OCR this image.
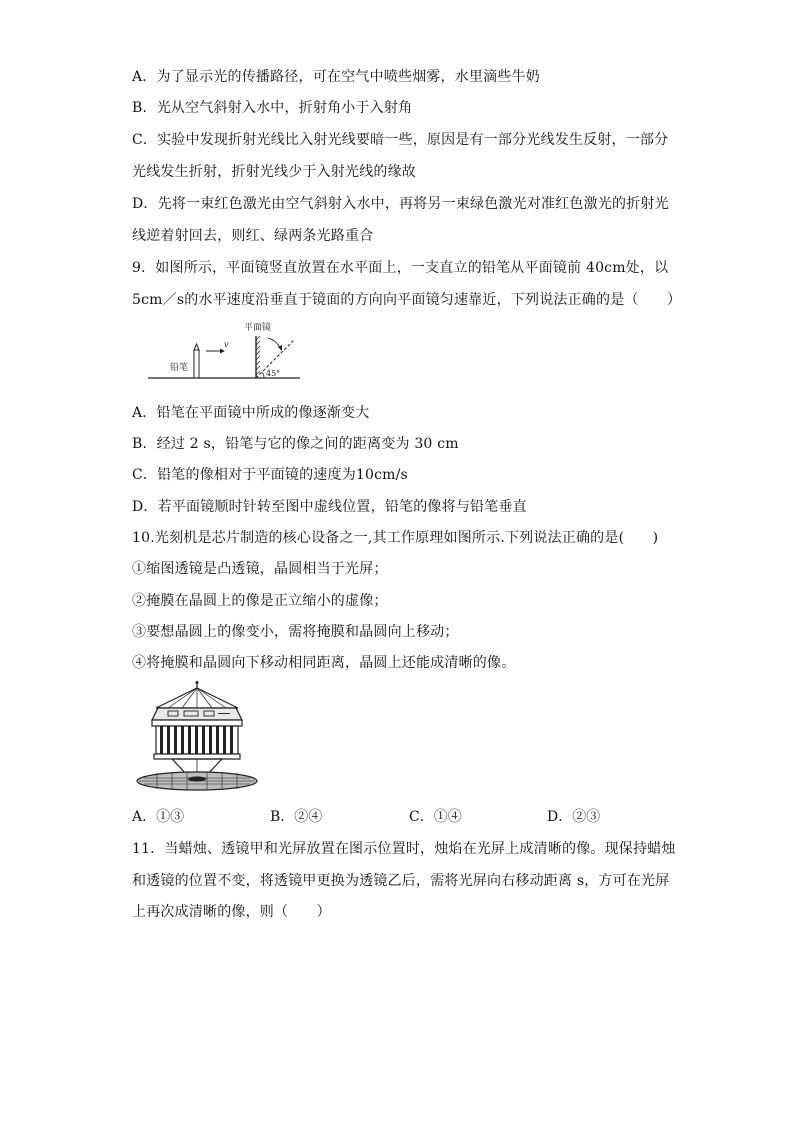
A．为了显示光的传播路径，可在空气中喷些烟雾，水里滴些牛奶
B．光从空气斜射入水中，折射角小于入射角
C．实验中发现折射光线比入射光线要暗一些，原因是有一部分光线发生反射，一部分
光线发生折射，折射光线少于入射光线的缘故
D．先将一束红色激光由空气斜射入水中，再将另一束绿色激光对准红色激光的折射光
线逆着射回去，则红、绿两条光路重合
9．如图所示，平面镜竖直放置在水平面上，一支直立的铅笔从平面镜前 40cm处，以
5cm／s的水平速度沿垂直于镜面的方向向平面镜匀速靠近，下列说法正确的是（　　）
铅笔
v
平面镜
45°
A．铅笔在平面镜中所成的像逐渐变大
B．经过 2 s，铅笔与它的像之间的距离变为 30 cm
C．铅笔的像相对于平面镜的速度为10cm/s
D．若平面镜顺时针转至图中虚线位置，铅笔的像将与铅笔垂直
10.光刻机是芯片制造的核心设备之一,其工作原理如图所示.下列说法正确的是(　　)
①缩图透镜是凸透镜，晶圆相当于光屏；
②掩膜在晶圆上的像是正立缩小的虚像；
③要想晶圆上的像变小，需将掩膜和晶圆向上移动；
④将掩膜和晶圆向下移动相同距离，晶圆上还能成清晰的像。
A．①③	B．②④	C．①④	D．②③
11．当蜡烛、透镜甲和光屏放置在图示位置时，烛焰在光屏上成清晰的像。现保持蜡烛
和透镜的位置不变，将透镜甲更换为透镜乙后，需将光屏向右移动距离 s，方可在光屏
上再次成清晰的像，则（　　）
